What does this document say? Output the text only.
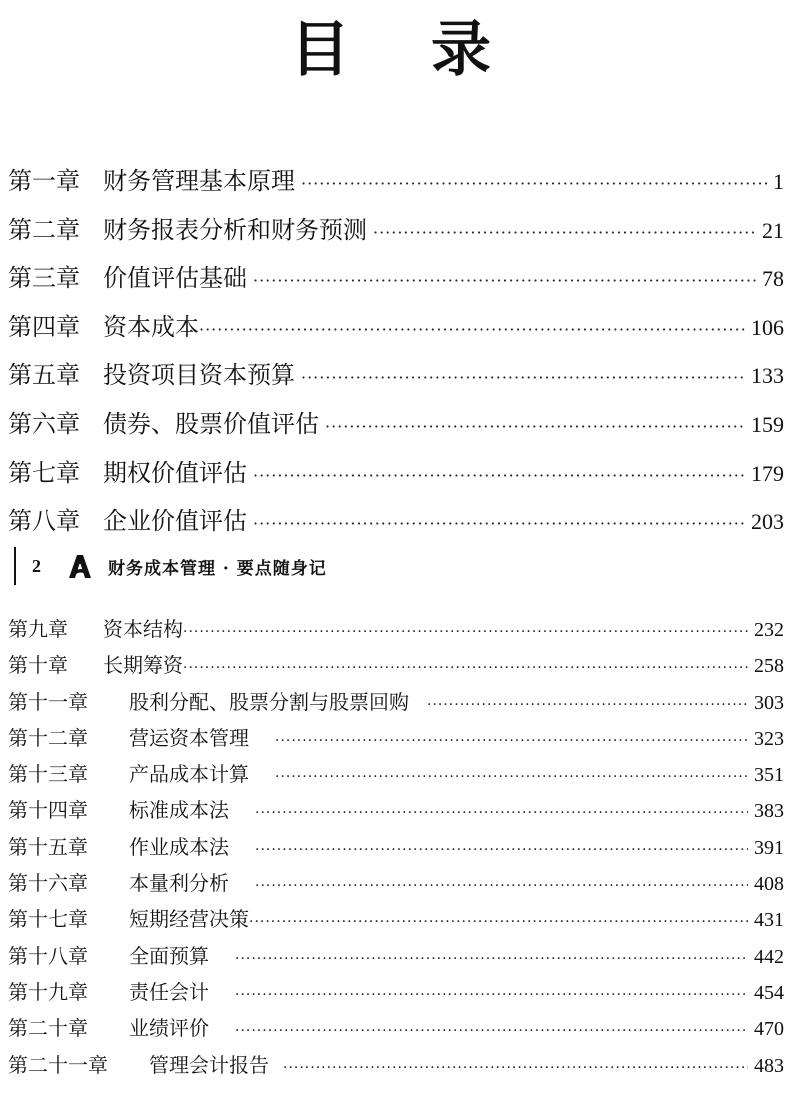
目 录
第一章 财务管理基本原理 ·····	1
第二章 财务报表分析和财务预测 ·····	21
第三章 价值评估基础 ·····	78
第四章 资本成本 ·····	106
第五章 投资项目资本预算 ·····	133
第六章 债券、股票价值评估 ·····	159
第七章 期权价值评估 ·····	179
第八章 企业价值评估 ·····	203
2	财务成本管理 · 要点随身记
第九章	资本结构 ·····	232
第十章	长期筹资 ·····	258
第十一章	股利分配、股票分割与股票回购 ·····	303
第十二章	营运资本管理 ·····	323
第十三章	产品成本计算 ·····	351
第十四章	标准成本法 ·····	383
第十五章	作业成本法 ·····	391
第十六章	本量利分析 ·····	408
第十七章	短期经营决策 ·····	431
第十八章	全面预算 ·····	442
第十九章	责任会计 ·····	454
第二十章	业绩评价 ·····	470
第二十一章	管理会计报告 ·····	483
